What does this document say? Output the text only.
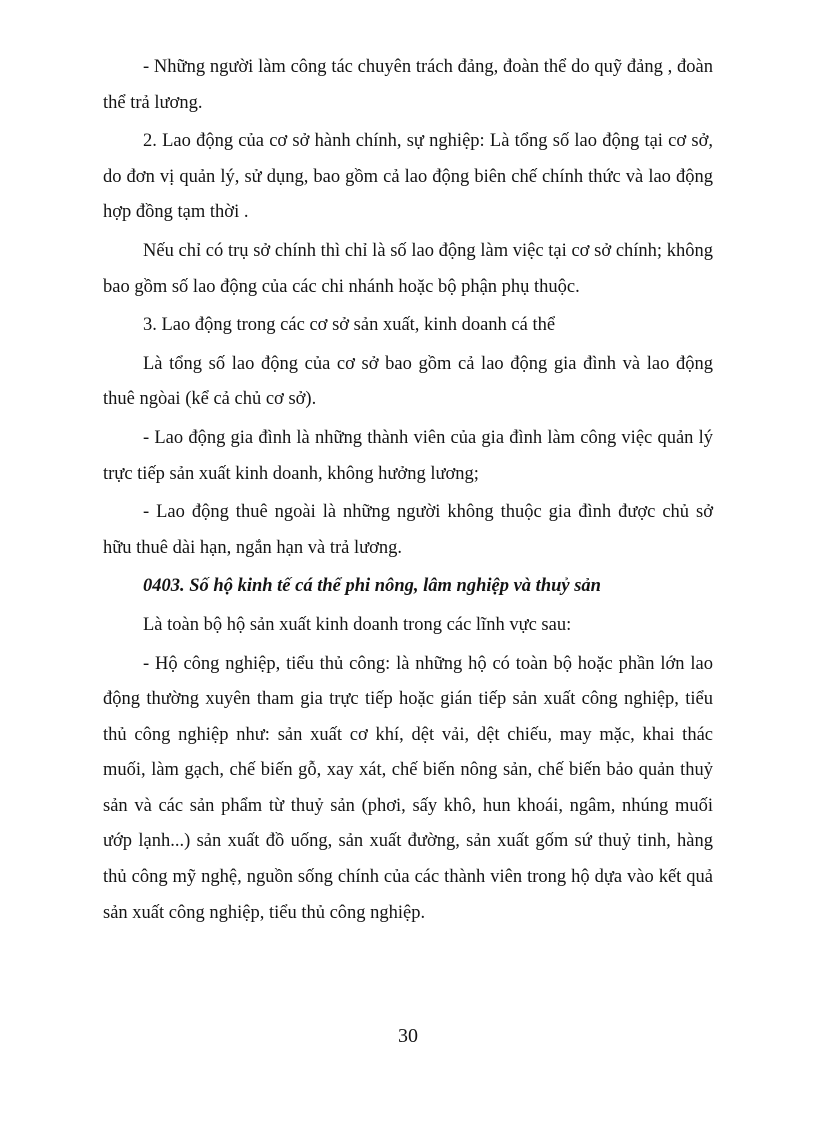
- Những người làm công tác chuyên trách đảng, đoàn thể do quỹ đảng , đoàn thể trả lương.

2. Lao động của cơ sở hành chính, sự nghiệp: Là tổng số lao động tại cơ sở, do đơn vị quản lý, sử dụng, bao gồm cả lao động biên chế chính thức và lao động hợp đồng tạm thời .

Nếu chỉ có trụ sở chính thì chỉ là số lao động làm việc tại cơ sở chính; không bao gồm số lao động của các chi nhánh hoặc bộ phận phụ thuộc.

3. Lao động trong các cơ sở sản xuất, kinh doanh cá thể

Là tổng số lao động của cơ sở bao gồm cả lao động gia đình và lao động thuê ngòai (kể cả chủ cơ sở).

- Lao động gia đình là những thành viên của gia đình làm công việc quản lý trực tiếp sản xuất kinh doanh, không hưởng lương;

- Lao động thuê ngoài là những người không thuộc gia đình được chủ sở hữu thuê dài hạn, ngắn hạn và trả lương.

0403. Số hộ kinh tế cá thể phi nông, lâm nghiệp và thuỷ sản

Là toàn bộ hộ sản xuất kinh doanh trong các lĩnh vực sau:

- Hộ công nghiệp, tiểu thủ công: là những hộ có toàn bộ hoặc phần lớn lao động thường xuyên tham gia trực tiếp hoặc gián tiếp sản xuất công nghiệp, tiểu thủ công nghiệp như: sản xuất cơ khí, dệt vải, dệt chiếu, may mặc, khai thác muối, làm gạch, chế biến gỗ, xay xát, chế biến nông sản, chế biến bảo quản thuỷ sản và các sản phẩm từ thuỷ sản (phơi, sấy khô, hun khoái, ngâm, nhúng muối ướp lạnh...) sản xuất đồ uống, sản xuất đường, sản xuất gốm sứ thuỷ tinh, hàng thủ công mỹ nghệ, nguồn sống chính của các thành viên trong hộ dựa vào kết quả sản xuất công nghiệp, tiểu thủ công nghiệp.

30
